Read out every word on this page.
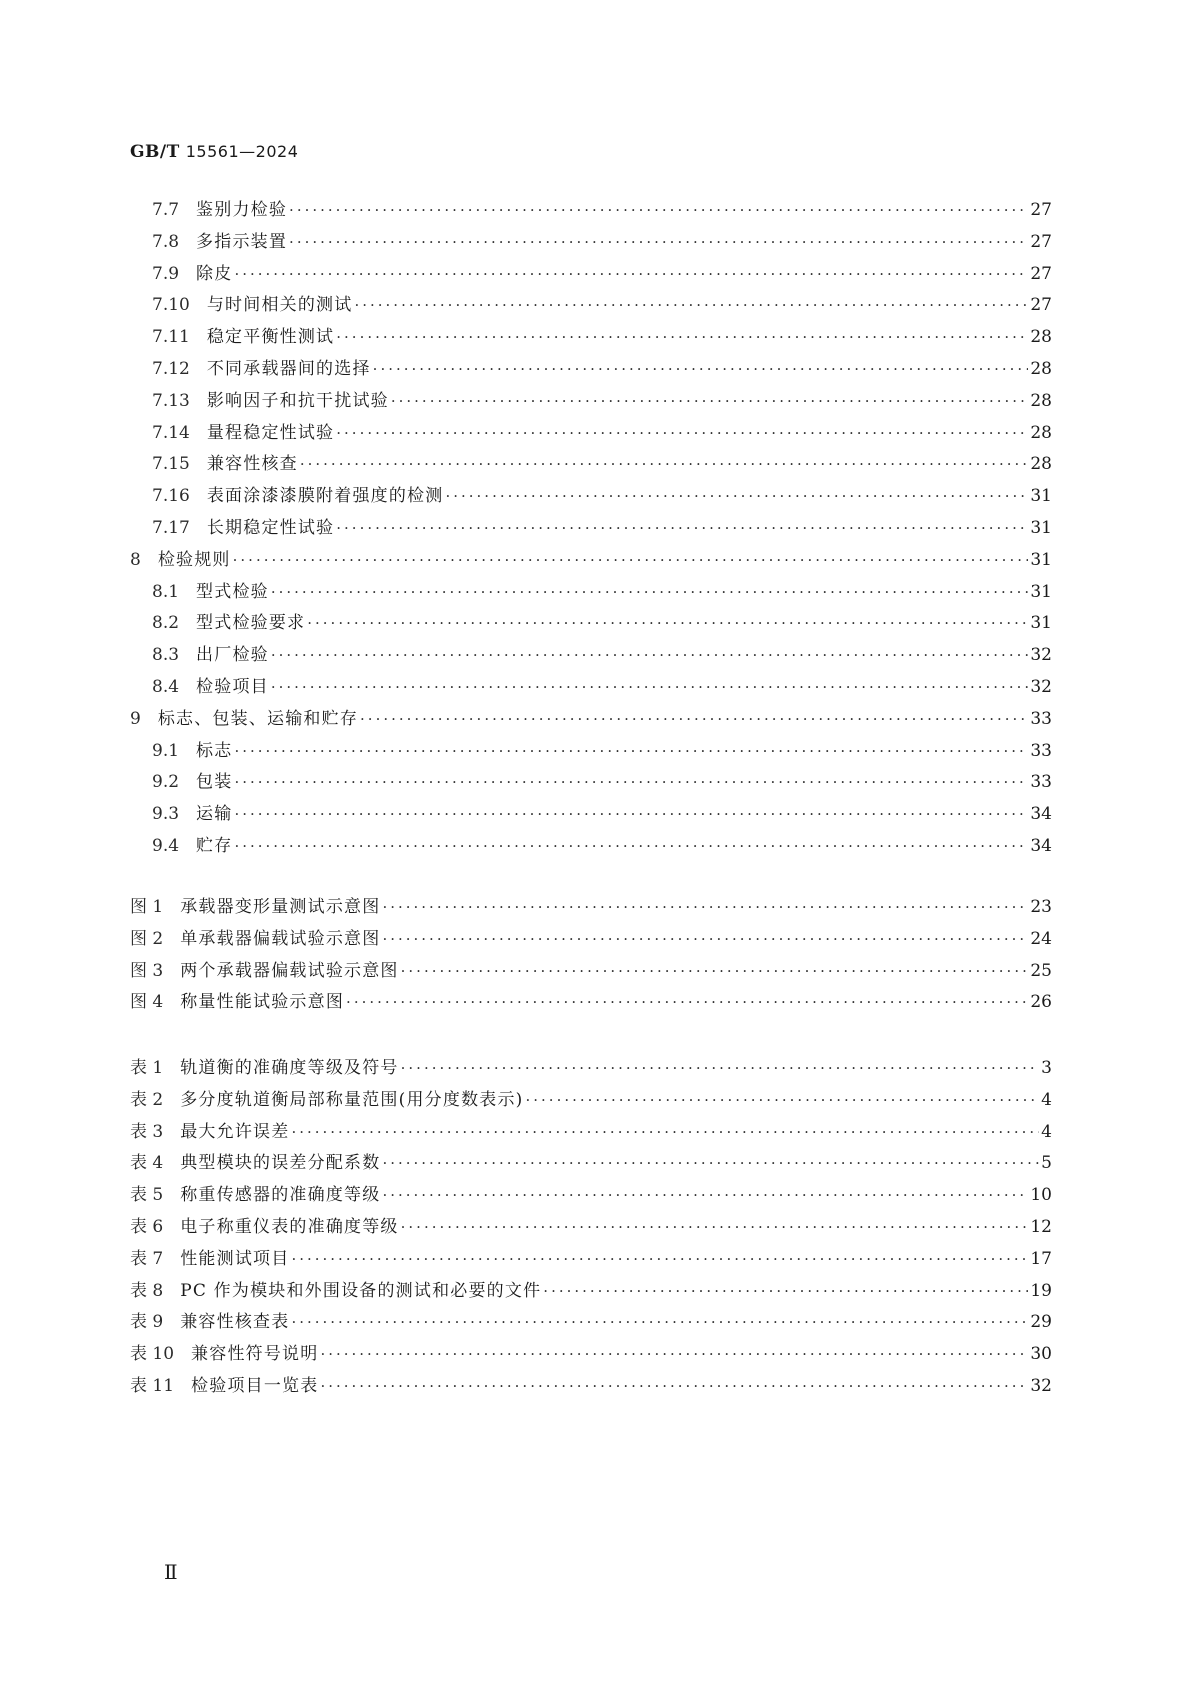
GB/T 15561—2024
7.7 鉴别力检验 ·····	27
7.8 多指示装置 ·····	27
7.9 除皮 ·····	27
7.10 与时间相关的测试 ·····	27
7.11 稳定平衡性测试 ·····	28
7.12 不同承载器间的选择 ·····	28
7.13 影响因子和抗干扰试验 ·····	28
7.14 量程稳定性试验 ·····	28
7.15 兼容性核查 ·····	28
7.16 表面涂漆漆膜附着强度的检测 ·····	31
7.17 长期稳定性试验 ·····	31
8 检验规则 ·····	31
8.1 型式检验 ·····	31
8.2 型式检验要求 ·····	31
8.3 出厂检验 ·····	32
8.4 检验项目 ·····	32
9 标志、包装、运输和贮存 ·····	33
9.1 标志 ·····	33
9.2 包装 ·····	33
9.3 运输 ·····	34
9.4 贮存 ·····	34
图 1 承载器变形量测试示意图 ·····	23
图 2 单承载器偏载试验示意图 ·····	24
图 3 两个承载器偏载试验示意图 ·····	25
图 4 称量性能试验示意图 ·····	26
表 1 轨道衡的准确度等级及符号 ·····	3
表 2 多分度轨道衡局部称量范围(用分度数表示) ·····	4
表 3 最大允许误差 ·····	4
表 4 典型模块的误差分配系数 ·····	5
表 5 称重传感器的准确度等级 ·····	10
表 6 电子称重仪表的准确度等级 ·····	12
表 7 性能测试项目 ·····	17
表 8 PC 作为模块和外围设备的测试和必要的文件 ·····	19
表 9 兼容性核查表 ·····	29
表 10 兼容性符号说明 ·····	30
表 11 检验项目一览表 ·····	32
Ⅱ
